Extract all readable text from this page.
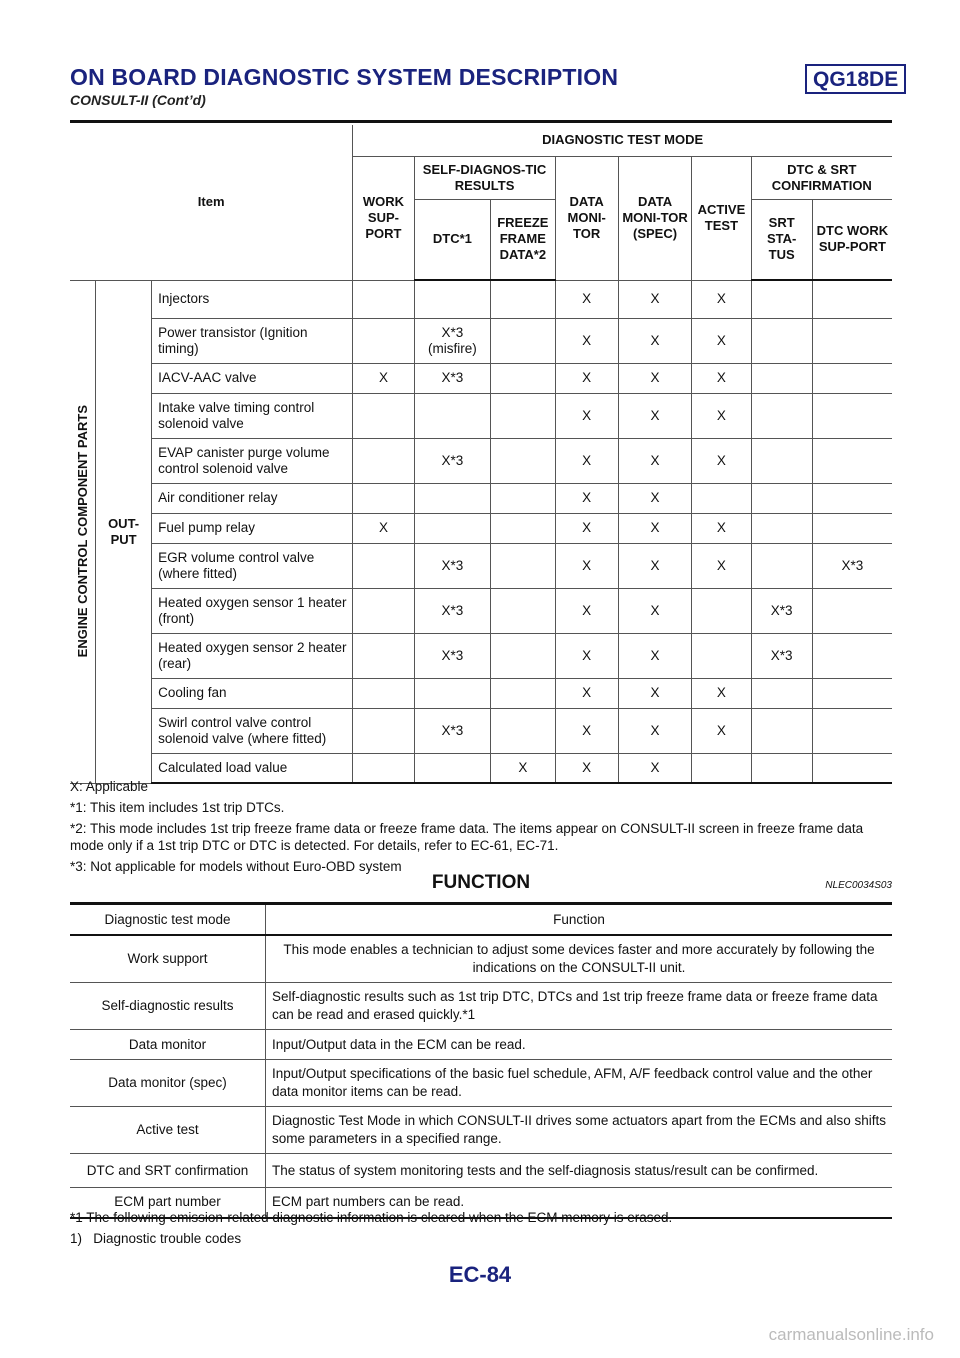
ON BOARD DIAGNOSTIC SYSTEM DESCRIPTION	QG18DE
CONSULT-II (Cont’d)
Item			DIAGNOSTIC TEST MODE							
			WORK SUP-PORT	SELF-DIAGNOS-TIC RESULTS		DATA MONI-TOR	DATA MONI-TOR (SPEC)	ACTIVE TEST	DTC & SRT CONFIRMATION	
				DTC*1	FREEZE FRAME DATA*2				SRT STA-TUS	DTC WORK SUP-PORT

ENGINE CONTROL COMPONENT PARTS	OUT-PUT	Injectors				X	X	X		
		Power transistor (Ignition timing)		X*3 (misfire)		X	X	X		
		IACV-AAC valve	X	X*3		X	X	X		
		Intake valve timing control solenoid valve				X	X	X		
		EVAP canister purge volume control solenoid valve		X*3		X	X	X		
		Air conditioner relay				X	X			
		Fuel pump relay	X			X	X	X		
		EGR volume control valve (where fitted)		X*3		X	X	X		X*3
		Heated oxygen sensor 1 heater (front)		X*3		X	X		X*3	
		Heated oxygen sensor 2 heater (rear)		X*3		X	X		X*3	
		Cooling fan				X	X	X		
		Swirl control valve control solenoid valve (where fitted)		X*3		X	X	X		
		Calculated load value			X	X	X			

X: Applicable

*1: This item includes 1st trip DTCs.

*2: This mode includes 1st trip freeze frame data or freeze frame data. The items appear on CONSULT-II screen in freeze frame data mode only if a 1st trip DTC or DTC is detected. For details, refer to EC-61, EC-71.

*3: Not applicable for models without Euro-OBD system

FUNCTION	NLEC0034S03
Diagnostic test mode	Function
Work support	This mode enables a technician to adjust some devices faster and more accurately by following the indications on the CONSULT-II unit.
Self-diagnostic results	Self-diagnostic results such as 1st trip DTC, DTCs and 1st trip freeze frame data or freeze frame data can be read and erased quickly.*1
Data monitor	Input/Output data in the ECM can be read.
Data monitor (spec)	Input/Output specifications of the basic fuel schedule, AFM, A/F feedback control value and the other data monitor items can be read.
Active test	Diagnostic Test Mode in which CONSULT-II drives some actuators apart from the ECMs and also shifts some parameters in a specified range.
DTC and SRT confirmation	The status of system monitoring tests and the self-diagnosis status/result can be confirmed.
ECM part number	ECM part numbers can be read.

*1 The following emission-related diagnostic information is cleared when the ECM memory is erased.

1)   Diagnostic trouble codes

EC-84
carmanualsonline.info
